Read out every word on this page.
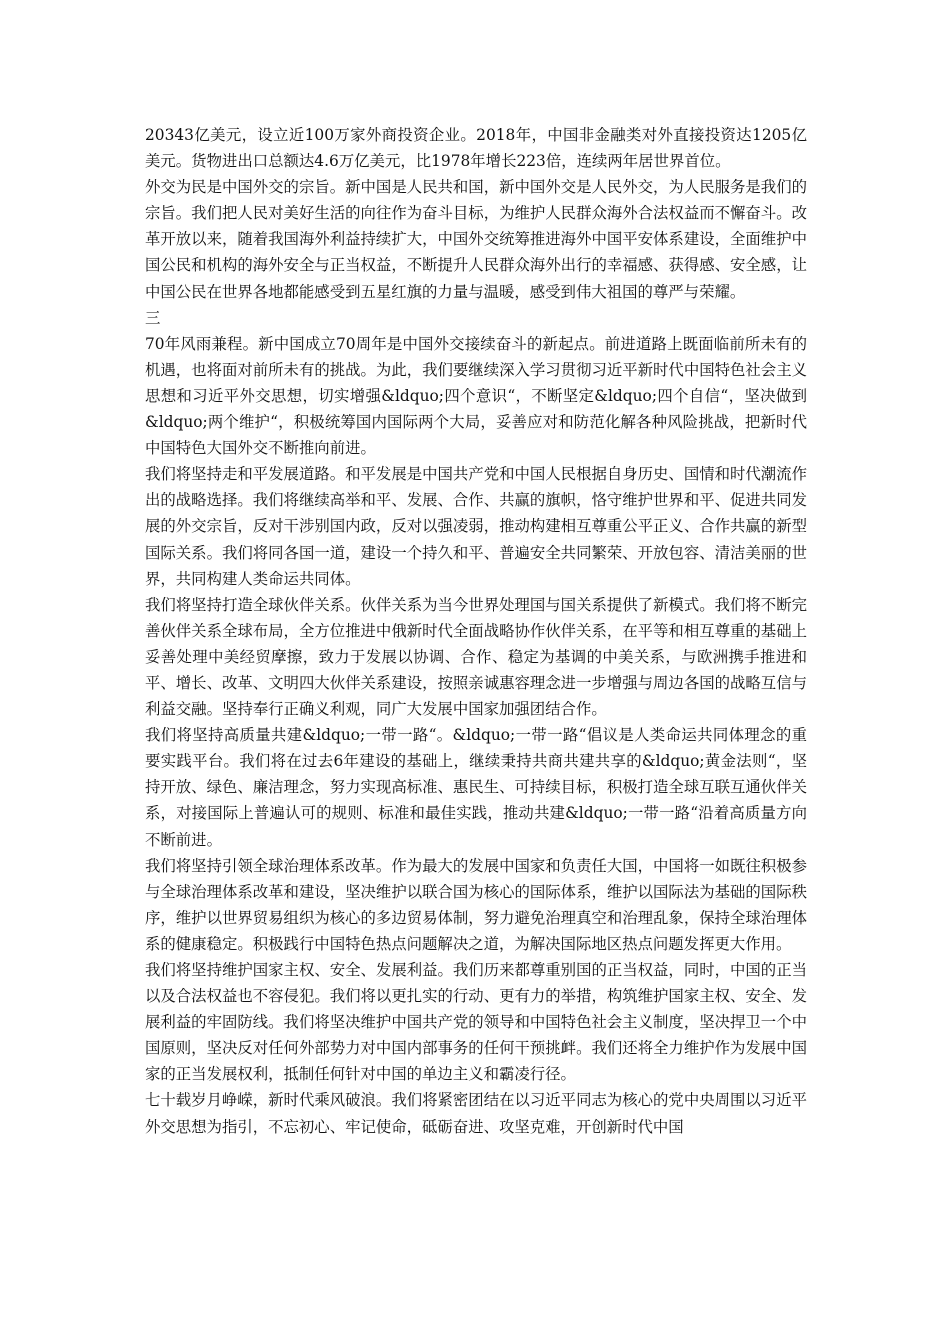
20343亿美元，设立近100万家外商投资企业。2018年，中国非金融类对外直接投资达1205亿美元。货物进出口总额达4.6万亿美元，比1978年增长223倍，连续两年居世界首位。

外交为民是中国外交的宗旨。新中国是人民共和国，新中国外交是人民外交，为人民服务是我们的宗旨。我们把人民对美好生活的向往作为奋斗目标，为维护人民群众海外合法权益而不懈奋斗。改革开放以来，随着我国海外利益持续扩大，中国外交统筹推进海外中国平安体系建设，全面维护中国公民和机构的海外安全与正当权益，不断提升人民群众海外出行的幸福感、获得感、安全感，让中国公民在世界各地都能感受到五星红旗的力量与温暖，感受到伟大祖国的尊严与荣耀。

三

70年风雨兼程。新中国成立70周年是中国外交接续奋斗的新起点。前进道路上既面临前所未有的机遇，也将面对前所未有的挑战。为此，我们要继续深入学习贯彻习近平新时代中国特色社会主义思想和习近平外交思想，切实增强&ldquo;四个意识“，不断坚定&ldquo;四个自信“，坚决做到&ldquo;两个维护“，积极统筹国内国际两个大局，妥善应对和防范化解各种风险挑战，把新时代中国特色大国外交不断推向前进。

我们将坚持走和平发展道路。和平发展是中国共产党和中国人民根据自身历史、国情和时代潮流作出的战略选择。我们将继续高举和平、发展、合作、共赢的旗帜，恪守维护世界和平、促进共同发展的外交宗旨，反对干涉别国内政，反对以强凌弱，推动构建相互尊重公平正义、合作共赢的新型国际关系。我们将同各国一道，建设一个持久和平、普遍安全共同繁荣、开放包容、清洁美丽的世界，共同构建人类命运共同体。

我们将坚持打造全球伙伴关系。伙伴关系为当今世界处理国与国关系提供了新模式。我们将不断完善伙伴关系全球布局，全方位推进中俄新时代全面战略协作伙伴关系，在平等和相互尊重的基础上妥善处理中美经贸摩擦，致力于发展以协调、合作、稳定为基调的中美关系，与欧洲携手推进和平、增长、改革、文明四大伙伴关系建设，按照亲诚惠容理念进一步增强与周边各国的战略互信与利益交融。坚持奉行正确义利观，同广大发展中国家加强团结合作。

我们将坚持高质量共建&ldquo;一带一路“。&ldquo;一带一路“倡议是人类命运共同体理念的重要实践平台。我们将在过去6年建设的基础上，继续秉持共商共建共享的&ldquo;黄金法则“，坚持开放、绿色、廉洁理念，努力实现高标准、惠民生、可持续目标，积极打造全球互联互通伙伴关系，对接国际上普遍认可的规则、标准和最佳实践，推动共建&ldquo;一带一路“沿着高质量方向不断前进。

我们将坚持引领全球治理体系改革。作为最大的发展中国家和负责任大国，中国将一如既往积极参与全球治理体系改革和建设，坚决维护以联合国为核心的国际体系，维护以国际法为基础的国际秩序，维护以世界贸易组织为核心的多边贸易体制，努力避免治理真空和治理乱象，保持全球治理体系的健康稳定。积极践行中国特色热点问题解决之道，为解决国际地区热点问题发挥更大作用。

我们将坚持维护国家主权、安全、发展利益。我们历来都尊重别国的正当权益，同时，中国的正当以及合法权益也不容侵犯。我们将以更扎实的行动、更有力的举措，构筑维护国家主权、安全、发展利益的牢固防线。我们将坚决维护中国共产党的领导和中国特色社会主义制度，坚决捍卫一个中国原则，坚决反对任何外部势力对中国内部事务的任何干预挑衅。我们还将全力维护作为发展中国家的正当发展权利，抵制任何针对中国的单边主义和霸凌行径。

七十载岁月峥嵘，新时代乘风破浪。我们将紧密团结在以习近平同志为核心的党中央周围以习近平外交思想为指引，不忘初心、牢记使命，砥砺奋进、攻坚克难，开创新时代中国
